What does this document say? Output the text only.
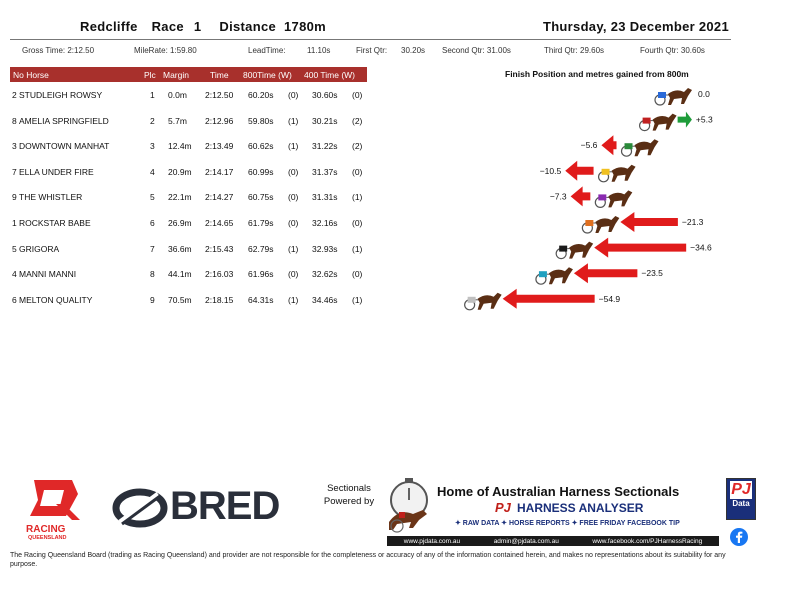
Redcliffe Race 1 Distance 1780m	Thursday, 23 December 2021
Gross Time: 2:12.50	MileRate: 1:59.80	LeadTime:	11.10s	First Qtr: 30.20s Second Qtr: 31.00s	Third Qtr: 29.60s	Fourth Qtr: 30.60s
No Horse	Plc Margin Time 800Time (W) 400 Time (W)
2 STUDLEIGH ROWSY	1 0.0m 2:12.50 60.20s (0) 30.60s (0)
8 AMELIA SPRINGFIELD	2 5.7m 2:12.96 59.80s (1) 30.21s (2)
3 DOWNTOWN MANHAT	3 12.4m 2:13.49 60.62s (1) 31.22s (2)
7 ELLA UNDER FIRE	4 20.9m 2:14.17 60.99s (0) 31.37s (0)
9 THE WHISTLER	5 22.1m 2:14.27 60.75s (0) 31.31s (1)
1 ROCKSTAR BABE	6 26.9m 2:14.65 61.79s (0) 32.16s (0)
5 GRIGORA	7 36.6m 2:15.43 62.79s (1) 32.93s (1)
4 MANNI MANNI	8 44.1m 2:16.03 61.96s (0) 32.62s (0)
6 MELTON QUALITY	9 70.5m 2:18.15 64.31s (1) 34.46s (1)
Finish Position and metres gained from 800m
0.0
+5.3
−5.6
−10.5
−7.3
−21.3
−34.6
−23.5
−54.9
RACING
QUEENSLAND
BRED	Sectionals
Powered by
Home of Australian Harness Sectionals
PJ HARNESS ANALYSER
✦ RAW DATA ✦ HORSE REPORTS ✦ FREE FRIDAY FACEBOOK TIP
www.pjdata.com.au	admin@pjdata.com.au	www.facebook.com/PJHarnessRacing
PJ
Data
The Racing Queensland Board (trading as Racing Queensland) and provider are not responsible for the completeness or accuracy of any of the information contained herein, and makes no representations about its suitability for any purpose.
